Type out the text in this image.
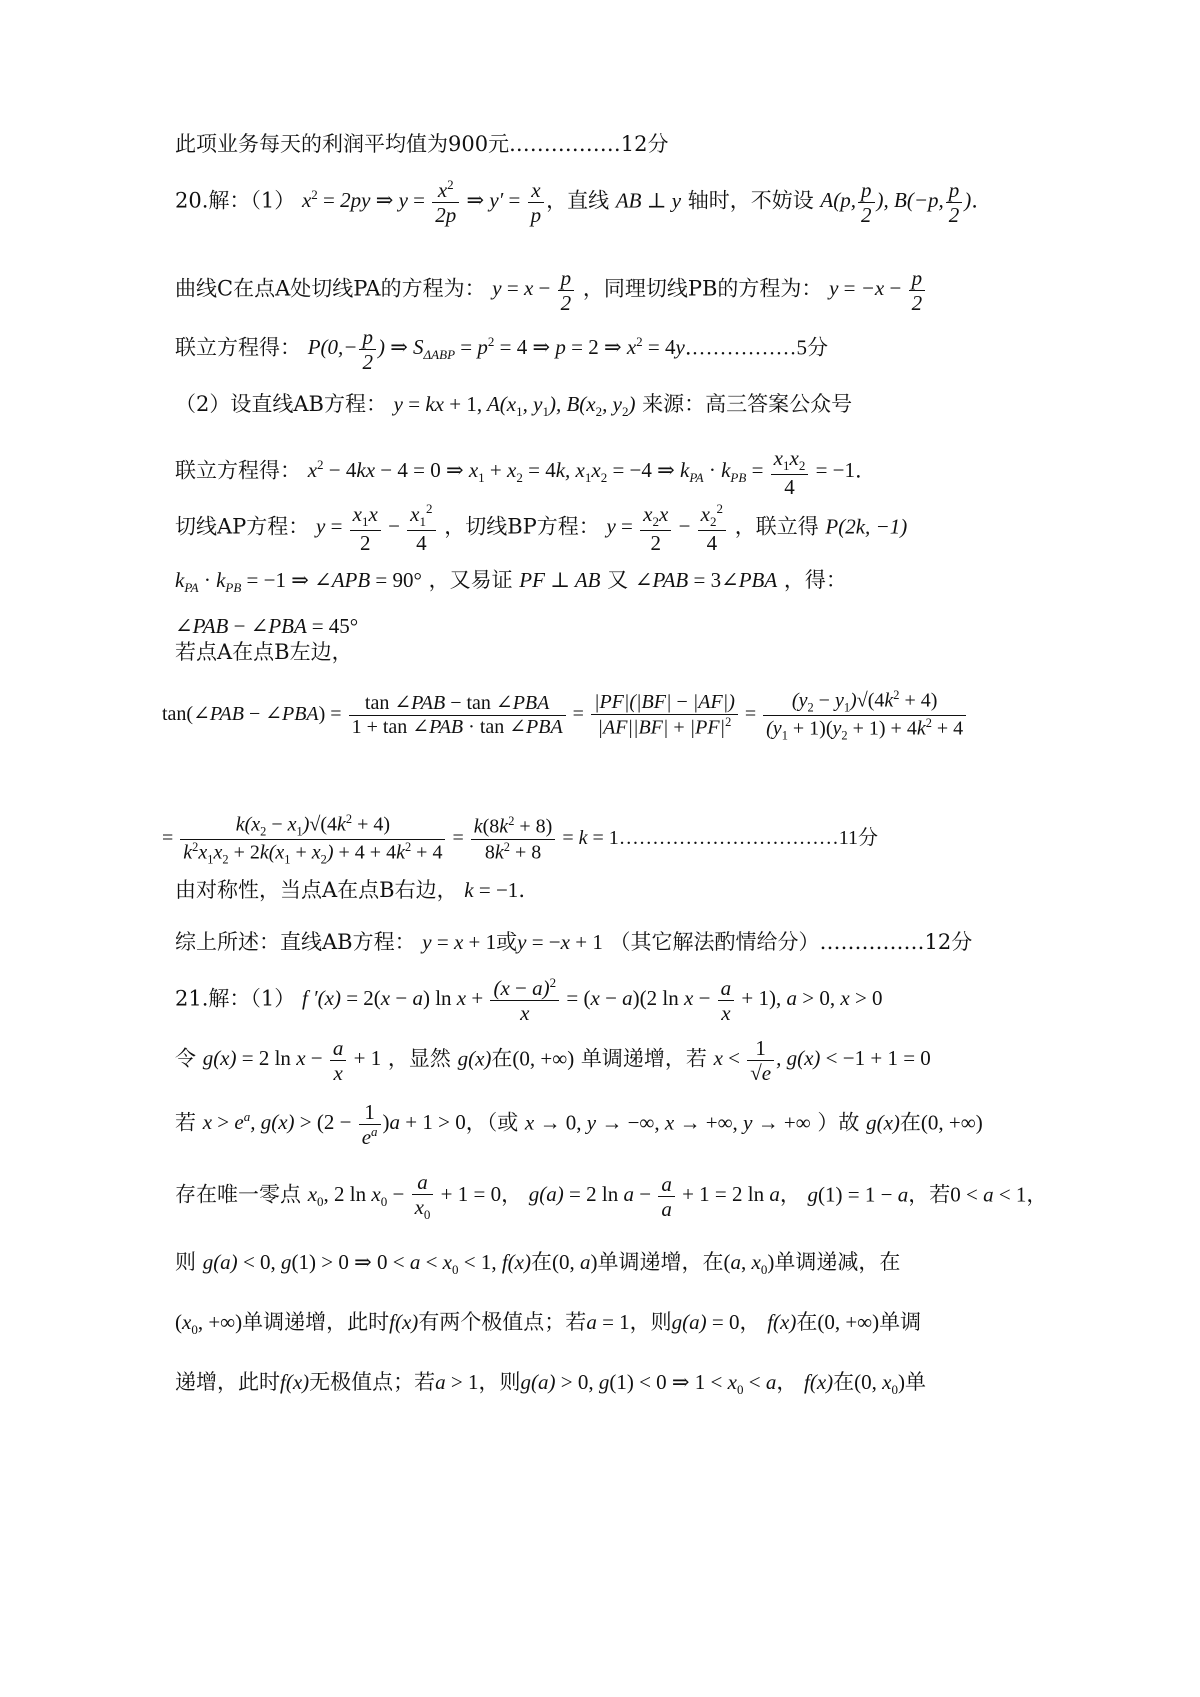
此项业务每天的利润平均值为900元.……………12分
20.解：（1） $x^2 = 2py$ ⇒ $y = \frac{x^2}{2p}$ ⇒ $y' = \frac{x}{p}$ ，直线 AB ⊥ y 轴时，不妨设 A(p, $\frac{p}{2}$ ), B(−p, $\frac{p}{2}$ ).
曲线C在点A处切线PA的方程为： $y = x - \frac{p}{2}$ ，同理切线PB的方程为： $y = -x - \frac{p}{2}$
联立方程得： $P(0,- \frac{p}{2}$ ) ⇒ $S_{\Delta ABP} = p^2 = 4$ ⇒ p = 2 ⇒ $x^2$ = 4y.……………5分
（2）设直线AB方程： y = kx + 1, $A(x_1$, $y_1$), $B(x_2$, $y_2$) 来源：高三答案公众号
联立方程得： $x^2 - 4kx - 4 = 0$ ⇒ $x_1 + x_2 = 4k$, $x_1x_2 = -4$ ⇒ $k_{PA} \cdot k_{PB} = \frac{x_1x_2}{4} = -1$.
切线AP方程： $y = \frac{x_1x}{2} - \frac{x_1^2}{4}$ ，切线BP方程： $y = \frac{x_2x}{2} - \frac{x_2^2}{4}$ ，联立得 P(2k, −1)
$k_{PA} \cdot k_{PB} = -1$ ⇒ ∠APB = 90° ，又易证 PF ⊥ AB 又 ∠PAB = 3∠PBA ，得：
∠PAB − ∠PBA = 45°
若点A在点B左边，
tan(∠PAB − ∠PBA) = $\frac{\text{tan ∠PAB − tan ∠PBA}}{\text{1 + tan ∠PAB · tan ∠PBA}} = \frac{|PF|(|BF| - |AF|)}{|AF||BF| + |PF|^2} = \frac{(y_2 - y_1)√(4k^2 + 4)}{(y_1 + 1)(y_2 + 1) + 4k^2 + 4}$
= $\frac{k(x_2 - x_1)√(4k^2 + 4)}{k^2x_1x_2 + 2k(x_1 + x_2) + 4 + 4k^2 + 4} = \frac{k(8k^2 + 8)}{8k^2 + 8} = k$ = 1……………………………11分
由对称性，当点A在点B右边， k = −1.
综上所述：直线AB方程： y = x + 1或y = −x + 1 （其它解法酌情给分）……………12分
21.解：（1） f ′(x) = 2(x − a) $\ln x + \frac{(x - a)^2}{x} = (x - a)(2$ $\ln x - \frac{a}{x} + 1$), a > 0, x > 0
令 g(x) = 2 $\ln x - \frac{a}{x} + 1$ ，显然 g(x)在(0, +∞) 单调递增，若 $x < \frac{1}{√e}$ , g(x) < −1 + 1 = 0
若 $x > e^a$, $g(x) > (2 - \frac{1}{e^a} )a + 1 > 0$，（或 x → 0, y → −∞, x → +∞, y → +∞ ）故 g(x)在(0, +∞)
存在唯一零点 $x_0$, 2 $\ln x_0 - \frac{a}{x_0} + 1 = 0$， g(a) = 2 $\ln a - \frac{a}{a} + 1 = 2$ ln a， g(1) = 1 − a，若0 < a < 1，
则 g(a) < 0, g(1) > 0 ⇒ $0 < a < x_0 < 1$, f(x)在(0, a)单调递增，在(a, $x_0$)单调递减，在
($x_0$, +∞)单调递增，此时f(x)有两个极值点；若a = 1，则g(a) = 0， f(x)在(0, +∞)单调
递增，此时f(x)无极值点；若a > 1，则g(a) > 0, g(1) < 0 ⇒ $1 < x_0 < a$， f(x)在(0, $x_0$)单
